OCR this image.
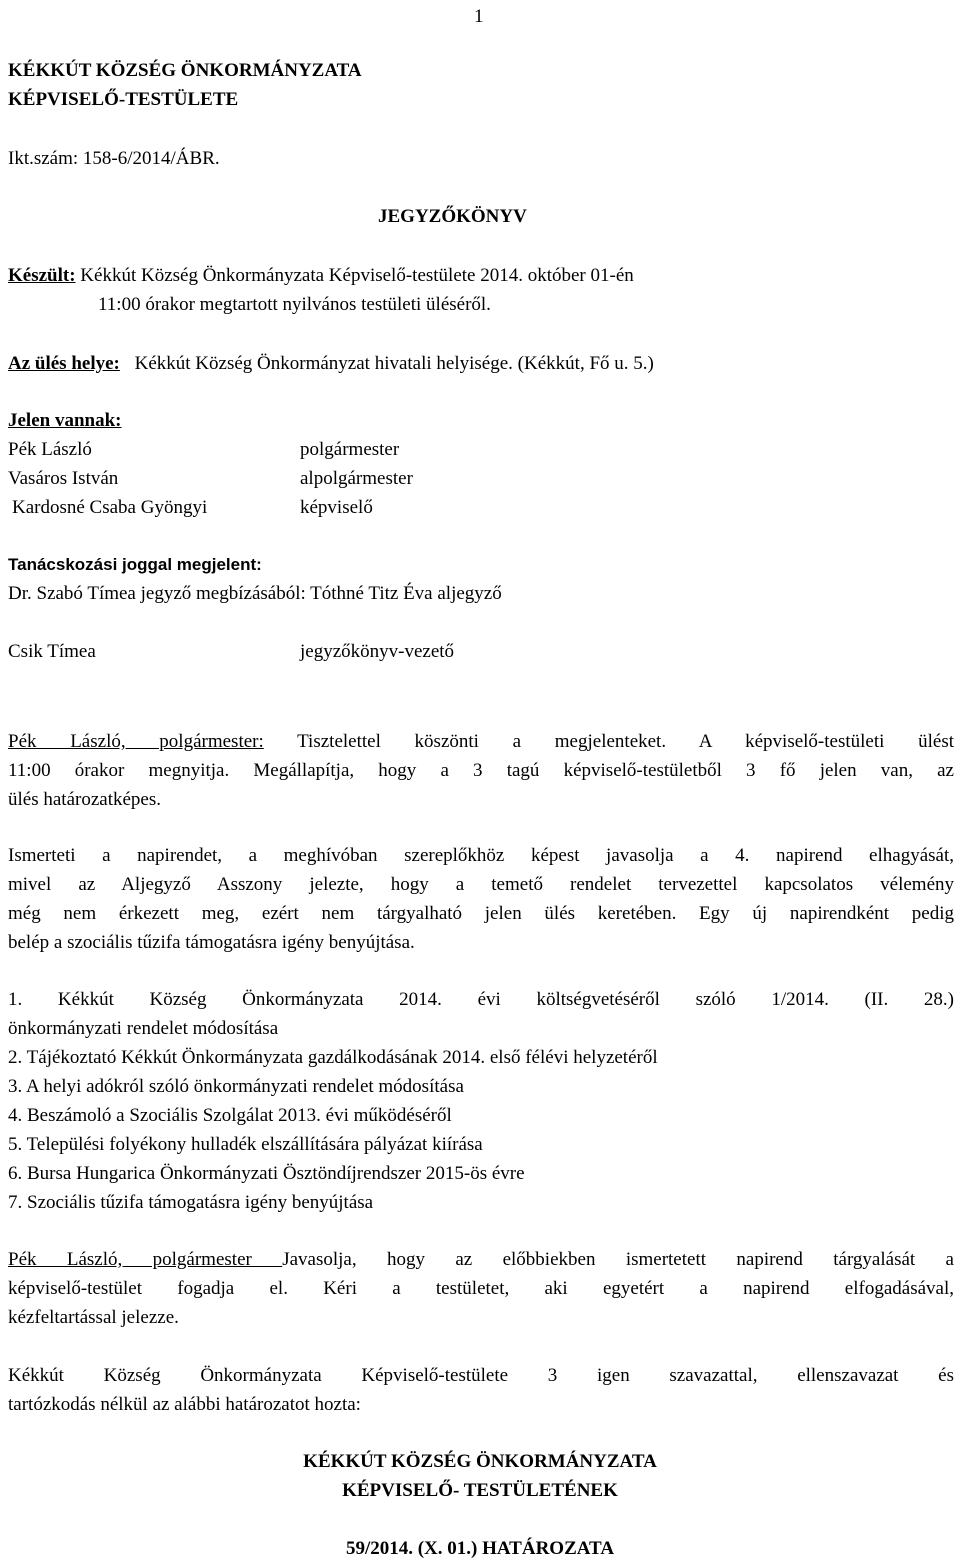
1
KÉKKÚT KÖZSÉG ÖNKORMÁNYZATA
KÉPVISELŐ-TESTÜLETE
Ikt.szám: 158-6/2014/ÁBR.
JEGYZŐKÖNYV
Készült: Kékkút Község Önkormányzata Képviselő-testülete 2014. október 01-én
11:00 órakor megtartott nyilvános testületi üléséről.
Az ülés helye: Kékkút Község Önkormányzat hivatali helyisége. (Kékkút, Fő u. 5.)
Jelen vannak:
Pék László	polgármester
Vasáros István	alpolgármester
Kardosné Csaba Gyöngyi	képviselő
Tanácskozási joggal megjelent:
Dr. Szabó Tímea jegyző megbízásából: Tóthné Titz Éva aljegyző
Csik Tímea	jegyzőkönyv-vezető
Pék László, polgármester: Tisztelettel köszönti a megjelenteket. A képviselő-testületi ülést
11:00 órakor megnyitja. Megállapítja, hogy a 3 tagú képviselő-testületből 3 fő jelen van, az
ülés határozatképes.
Ismerteti a napirendet, a meghívóban szereplőkhöz képest javasolja a 4. napirend elhagyását,
mivel az Aljegyző Asszony jelezte, hogy a temető rendelet tervezettel kapcsolatos vélemény
még nem érkezett meg, ezért nem tárgyalható jelen ülés keretében. Egy új napirendként pedig
belép a szociális tűzifa támogatásra igény benyújtása.
1. Kékkút Község Önkormányzata 2014. évi költségvetéséről szóló 1/2014. (II. 28.)
önkormányzati rendelet módosítása
2. Tájékoztató Kékkút Önkormányzata gazdálkodásának 2014. első félévi helyzetéről
3. A helyi adókról szóló önkormányzati rendelet módosítása
4. Beszámoló a Szociális Szolgálat 2013. évi működéséről
5. Települési folyékony hulladék elszállítására pályázat kiírása
6. Bursa Hungarica Önkormányzati Ösztöndíjrendszer 2015-ös évre
7. Szociális tűzifa támogatásra igény benyújtása
Pék László, polgármester Javasolja, hogy az előbbiekben ismertetett napirend tárgyalását a
képviselő-testület fogadja el. Kéri a testületet, aki egyetért a napirend elfogadásával,
kézfeltartással jelezze.
Kékkút Község Önkormányzata Képviselő-testülete 3 igen szavazattal, ellenszavazat és
tartózkodás nélkül az alábbi határozatot hozta:
KÉKKÚT KÖZSÉG ÖNKORMÁNYZATA
KÉPVISELŐ- TESTÜLETÉNEK
59/2014. (X. 01.) HATÁROZATA
